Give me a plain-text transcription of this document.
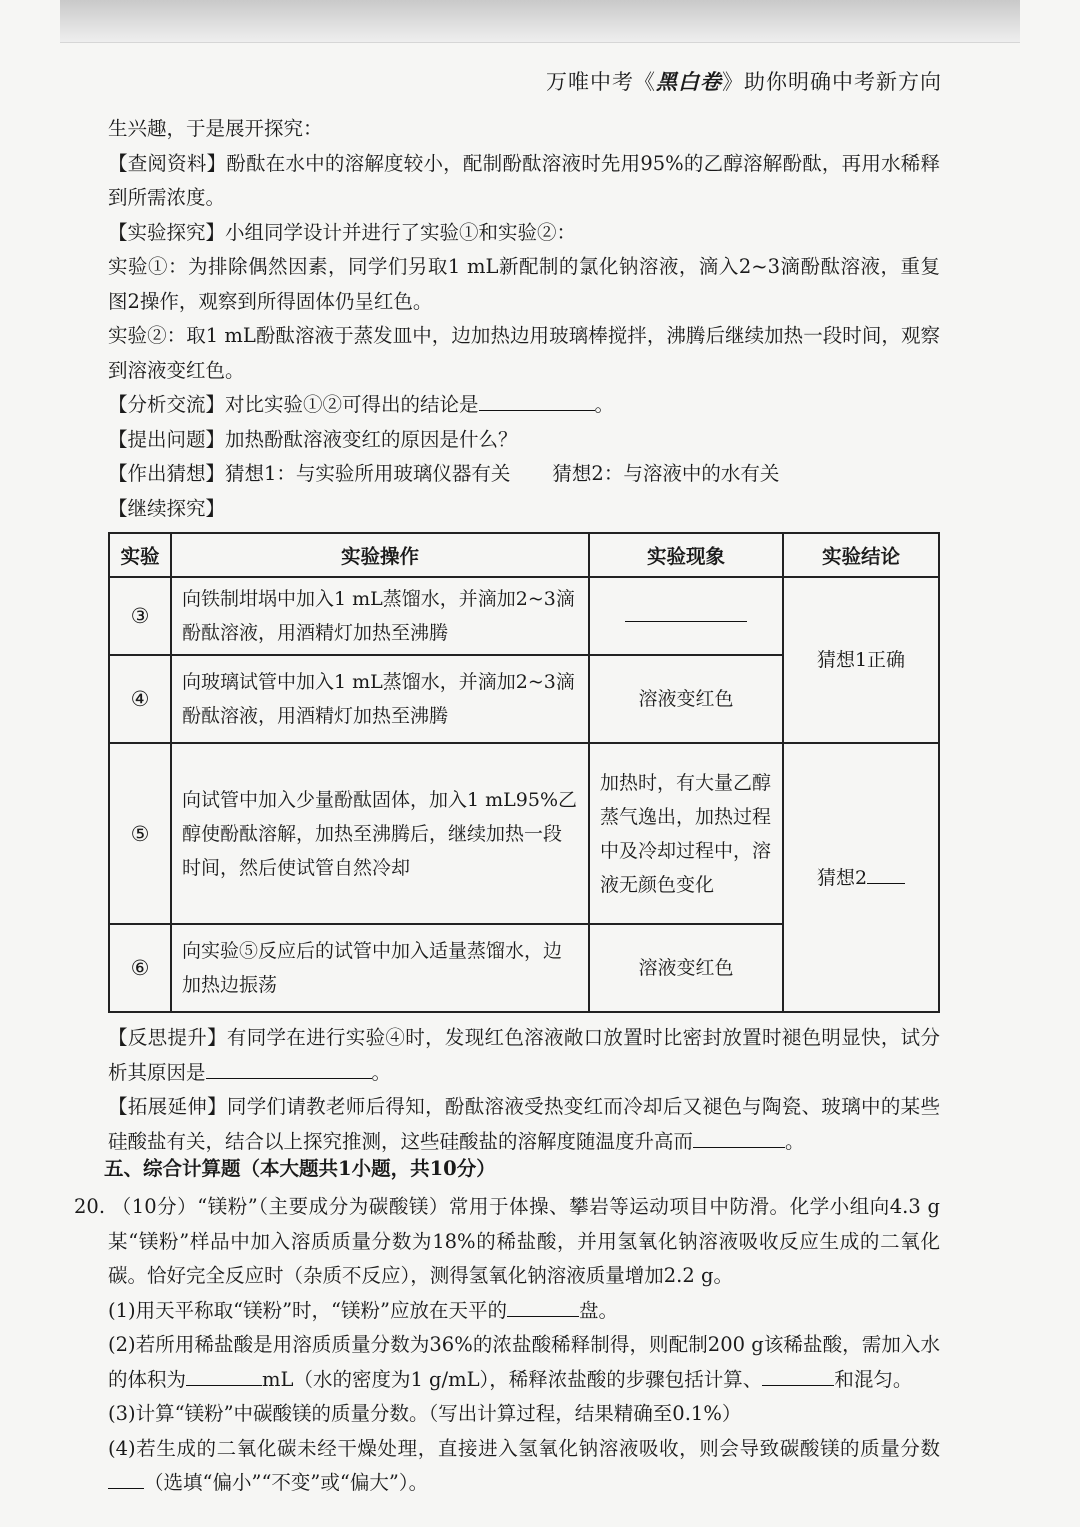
万唯中考《黑白卷》助你明确中考新方向

生兴趣，于是展开探究：

【查阅资料】酚酞在水中的溶解度较小，配制酚酞溶液时先用95%的乙醇溶解酚酞，再用水稀释到所需浓度。

【实验探究】小组同学设计并进行了实验①和实验②：

实验①：为排除偶然因素，同学们另取1 mL新配制的氯化钠溶液，滴入2~3滴酚酞溶液，重复图2操作，观察到所得固体仍呈红色。

实验②：取1 mL酚酞溶液于蒸发皿中，边加热边用玻璃棒搅拌，沸腾后继续加热一段时间，观察到溶液变红色。

【分析交流】对比实验①②可得出的结论是	。

【提出问题】加热酚酞溶液变红的原因是什么？

【作出猜想】猜想1：与实验所用玻璃仪器有关 猜想2：与溶液中的水有关

【继续探究】

实验	实验操作	实验现象	实验结论
③	向铁制坩埚中加入1 mL蒸馏水，并滴加2~3滴酚酞溶液，用酒精灯加热至沸腾		猜想1正确
④	向玻璃试管中加入1 mL蒸馏水，并滴加2~3滴酚酞溶液，用酒精灯加热至沸腾	溶液变红色	
⑤	向试管中加入少量酚酞固体，加入1 mL95%乙醇使酚酞溶解，加热至沸腾后，继续加热一段时间，然后使试管自然冷却	加热时，有大量乙醇蒸气逸出，加热过程中及冷却过程中，溶液无颜色变化	猜想2
⑥	向实验⑤反应后的试管中加入适量蒸馏水，边加热边振荡	溶液变红色	

【反思提升】有同学在进行实验④时，发现红色溶液敞口放置时比密封放置时褪色明显快，试分析其原因是	。

【拓展延伸】同学们请教老师后得知，酚酞溶液受热变红而冷却后又褪色与陶瓷、玻璃中的某些硅酸盐有关，结合以上探究推测，这些硅酸盐的溶解度随温度升高而	。

五、综合计算题（本大题共1小题，共10分）

20. （10分）“镁粉”（主要成分为碳酸镁）常用于体操、攀岩等运动项目中防滑。化学小组向4.3 g某“镁粉”样品中加入溶质质量分数为18%的稀盐酸，并用氢氧化钠溶液吸收反应生成的二氧化碳。恰好完全反应时（杂质不反应），测得氢氧化钠溶液质量增加2.2 g。

(1)用天平称取“镁粉”时，“镁粉”应放在天平的	盘。

(2)若所用稀盐酸是用溶质质量分数为36%的浓盐酸稀释制得，则配制200 g该稀盐酸，需加入水的体积为	mL（水的密度为1 g/mL），稀释浓盐酸的步骤包括计算、	和混匀。

(3)计算“镁粉”中碳酸镁的质量分数。（写出计算过程，结果精确至0.1%）

(4)若生成的二氧化碳未经干燥处理，直接进入氢氧化钠溶液吸收，则会导致碳酸镁的质量分数（选填“偏小”“不变”或“偏大”）。
